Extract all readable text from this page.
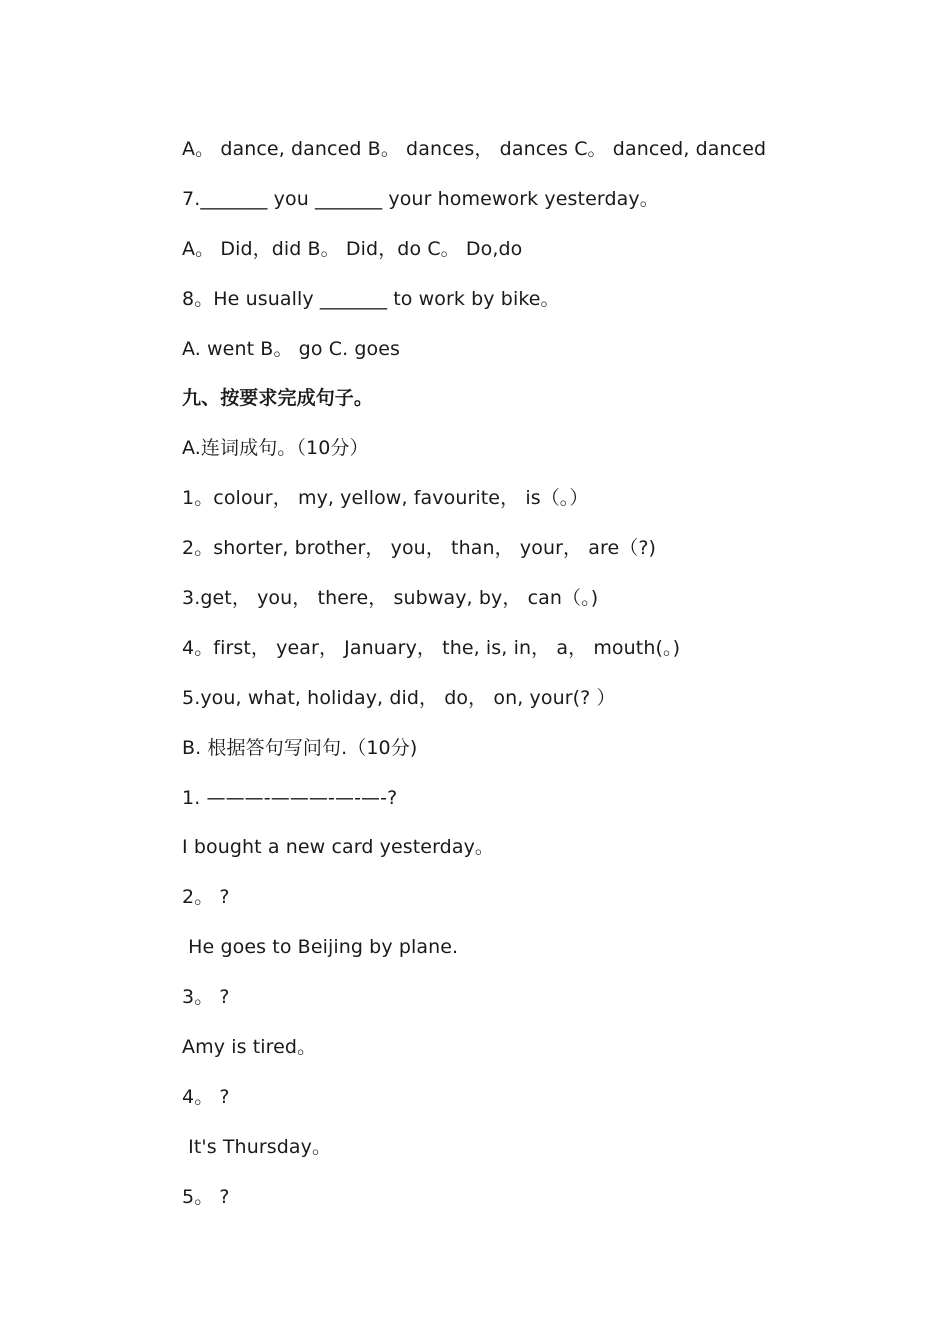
A。 dance, danced B。 dances， dances C。 danced, danced
7._______ you _______ your homework yesterday。
A。 Did，did B。 Did，do C。 Do,do
8。He usually _______ to work by bike。
A. went B。 go C. goes
九、按要求完成句子。
A.连词成句。（10分）
1。colour， my, yellow, favourite， is（。）
2。shorter, brother， you， than， your， are（?)
3.get， you， there， subway, by， can（。)
4。first， year， January， the, is, in， a， mouth(。)
5.you, what, holiday, did， do， on, your(? ）
B. 根据答句写问句.（10分)
1. ———-———-—-—-?
I bought a new card yesterday。
2。 ?
He goes to Beijing by plane.
3。 ?
Amy is tired。
4。 ?
It's Thursday。
5。 ?
